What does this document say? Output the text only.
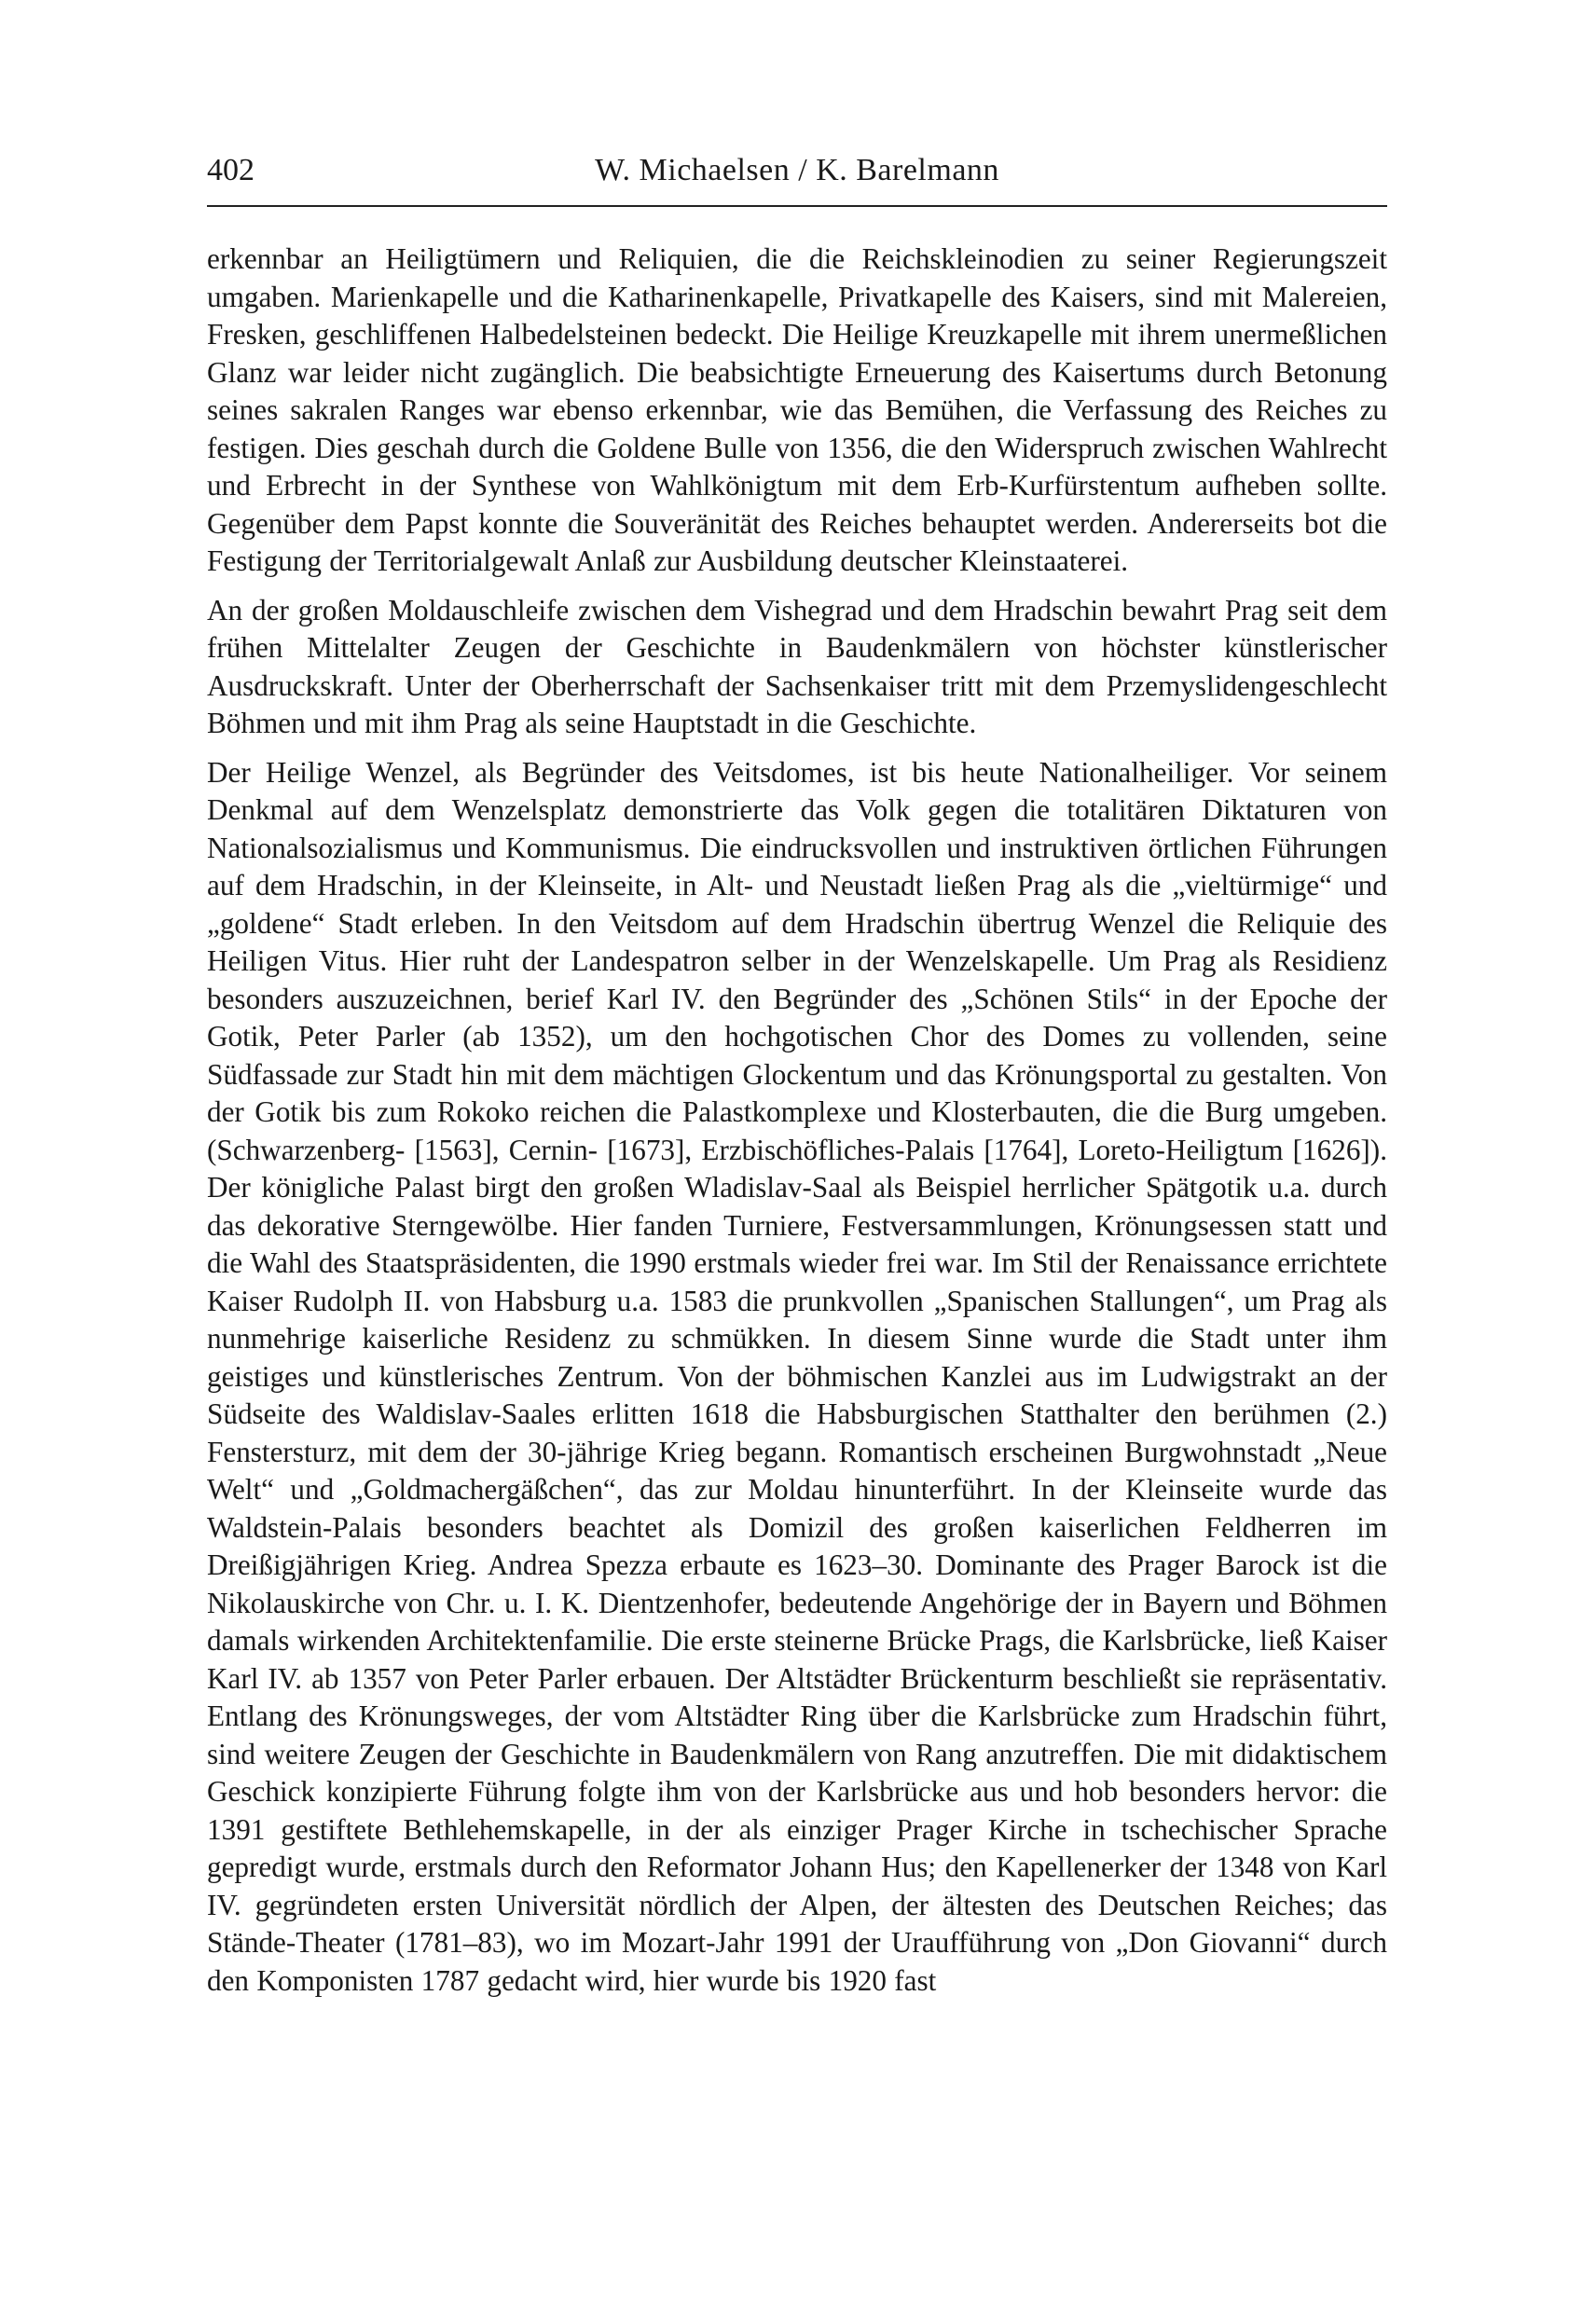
402	W. Michaelsen / K. Barelmann

erkennbar an Heiligtümern und Reliquien, die die Reichskleinodien zu seiner Regierungszeit umgaben. Marienkapelle und die Katharinenkapelle, Privatkapelle des Kaisers, sind mit Malereien, Fresken, geschliffenen Halbedelsteinen bedeckt. Die Heilige Kreuzkapelle mit ihrem unermeßlichen Glanz war leider nicht zugänglich. Die beabsichtigte Erneuerung des Kaisertums durch Betonung seines sakralen Ranges war ebenso erkennbar, wie das Bemühen, die Verfassung des Reiches zu festigen. Dies geschah durch die Goldene Bulle von 1356, die den Widerspruch zwischen Wahlrecht und Erbrecht in der Synthese von Wahlkönigtum mit dem Erb-Kurfürstentum aufheben sollte. Gegenüber dem Papst konnte die Souveränität des Reiches behauptet werden. Andererseits bot die Festigung der Territorialgewalt Anlaß zur Ausbildung deutscher Kleinstaaterei.

An der großen Moldauschleife zwischen dem Vishegrad und dem Hradschin bewahrt Prag seit dem frühen Mittelalter Zeugen der Geschichte in Baudenkmälern von höchster künstlerischer Ausdruckskraft. Unter der Oberherrschaft der Sachsenkaiser tritt mit dem Przemyslidengeschlecht Böhmen und mit ihm Prag als seine Hauptstadt in die Geschichte.

Der Heilige Wenzel, als Begründer des Veitsdomes, ist bis heute Nationalheiliger. Vor seinem Denkmal auf dem Wenzelsplatz demonstrierte das Volk gegen die totalitären Diktaturen von Nationalsozialismus und Kommunismus. Die eindrucksvollen und instruktiven örtlichen Führungen auf dem Hradschin, in der Kleinseite, in Alt- und Neustadt ließen Prag als die „vieltürmige“ und „goldene“ Stadt erleben. In den Veitsdom auf dem Hradschin übertrug Wenzel die Reliquie des Heiligen Vitus. Hier ruht der Landespatron selber in der Wenzelskapelle. Um Prag als Residienz besonders auszuzeichnen, berief Karl IV. den Begründer des „Schönen Stils“ in der Epoche der Gotik, Peter Parler (ab 1352), um den hochgotischen Chor des Domes zu vollenden, seine Südfassade zur Stadt hin mit dem mächtigen Glockentum und das Krönungsportal zu gestalten. Von der Gotik bis zum Rokoko reichen die Palastkomplexe und Klosterbauten, die die Burg umgeben. (Schwarzenberg- [1563], Cernin- [1673], Erzbischöfliches-Palais [1764], Loreto-Heiligtum [1626]). Der königliche Palast birgt den großen Wladislav-Saal als Beispiel herrlicher Spätgotik u.a. durch das dekorative Sterngewölbe. Hier fanden Turniere, Festversammlungen, Krönungsessen statt und die Wahl des Staatspräsidenten, die 1990 erstmals wieder frei war. Im Stil der Renaissance errichtete Kaiser Rudolph II. von Habsburg u.a. 1583 die prunkvollen „Spanischen Stallungen“, um Prag als nunmehrige kaiserliche Residenz zu schmükken. In diesem Sinne wurde die Stadt unter ihm geistiges und künstlerisches Zentrum. Von der böhmischen Kanzlei aus im Ludwigstrakt an der Südseite des Waldislav-Saales erlitten 1618 die Habsburgischen Statthalter den berühmen (2.) Fenstersturz, mit dem der 30-jährige Krieg begann. Romantisch erscheinen Burgwohnstadt „Neue Welt“ und „Goldmachergäßchen“, das zur Moldau hinunterführt. In der Kleinseite wurde das Waldstein-Palais besonders beachtet als Domizil des großen kaiserlichen Feldherren im Dreißigjährigen Krieg. Andrea Spezza erbaute es 1623–30. Dominante des Prager Barock ist die Nikolauskirche von Chr. u. I. K. Dientzenhofer, bedeutende Angehörige der in Bayern und Böhmen damals wirkenden Architektenfamilie. Die erste steinerne Brücke Prags, die Karlsbrücke, ließ Kaiser Karl IV. ab 1357 von Peter Parler erbauen. Der Altstädter Brückenturm beschließt sie repräsentativ. Entlang des Krönungsweges, der vom Altstädter Ring über die Karlsbrücke zum Hradschin führt, sind weitere Zeugen der Geschichte in Baudenkmälern von Rang anzutreffen. Die mit didaktischem Geschick konzipierte Führung folgte ihm von der Karlsbrücke aus und hob besonders hervor: die 1391 gestiftete Bethlehemskapelle, in der als einziger Prager Kirche in tschechischer Sprache gepredigt wurde, erstmals durch den Reformator Johann Hus; den Kapellenerker der 1348 von Karl IV. gegründeten ersten Universität nördlich der Alpen, der ältesten des Deutschen Reiches; das Stände-Theater (1781–83), wo im Mozart-Jahr 1991 der Uraufführung von „Don Giovanni“ durch den Komponisten 1787 gedacht wird, hier wurde bis 1920 fast
